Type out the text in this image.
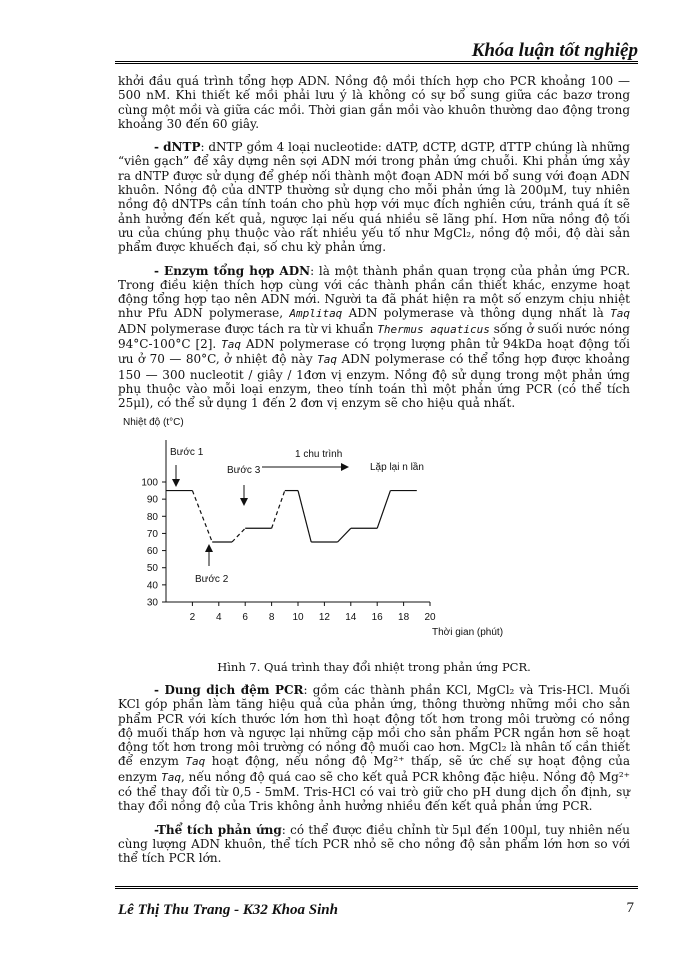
Khóa luận tốt nghiệp

khởi đầu quá trình tổng hợp ADN. Nồng độ mồi thích hợp cho PCR khoảng 100 — 500 nM. Khi thiết kế mồi phải lưu ý là không có sự bổ sung giữa các bazơ trong cùng một mồi và giữa các mồi. Thời gian gắn mồi vào khuôn thường dao động trong khoảng 30 đến 60 giây.

- dNTP: dNTP gồm 4 loại nucleotide: dATP, dCTP, dGTP, dTTP chúng là những “viên gạch” để xây dựng nên sợi ADN mới trong phản ứng chuỗi. Khi phản ứng xảy ra dNTP được sử dụng để ghép nối thành một đoạn ADN mới bổ sung với đoạn ADN khuôn. Nồng độ của dNTP thường sử dụng cho mỗi phản ứng là 200μM, tuy nhiên nồng độ dNTPs cần tính toán cho phù hợp với mục đích nghiên cứu, tránh quá ít sẽ ảnh hưởng đến kết quả, ngược lại nếu quá nhiều sẽ lãng phí. Hơn nữa nồng độ tối ưu của chúng phụ thuộc vào rất nhiều yếu tố như MgCl₂, nồng độ mồi, độ dài sản phẩm được khuếch đại, số chu kỳ phản ứng.

- Enzym tổng hợp ADN: là một thành phần quan trọng của phản ứng PCR. Trong điều kiện thích hợp cùng với các thành phần cần thiết khác, enzyme hoạt động tổng hợp tạo nên ADN mới. Người ta đã phát hiện ra một số enzym chịu nhiệt như Pfu ADN polymerase, Amplitaq ADN polymerase và thông dụng nhất là Taq ADN polymerase được tách ra từ vi khuẩn Thermus aquaticus sống ở suối nước nóng 94°C-100°C [2]. Taq ADN polymerase có trọng lượng phân tử 94kDa hoạt động tối ưu ở 70 — 80°C, ở nhiệt độ này Taq ADN polymerase có thể tổng hợp được khoảng 150 — 300 nucleotit / giây / 1đơn vị enzym. Nồng độ sử dụng trong một phản ứng phụ thuộc vào mỗi loại enzym, theo tính toán thì một phản ứng PCR (có thể tích 25μl), có thể sử dụng 1 đến 2 đơn vị enzym sẽ cho hiệu quả nhất.

Nhiệt độ (t°C)
30
40
50
60
70
80
90
100
2 4 6 8 10 12 14 16 18 20
Thời gian (phút)
Bước 1
Bước 3
Bước 2
1 chu trình
Lặp lại n lần
Hình 7. Quá trình thay đổi nhiệt trong phản ứng PCR.

- Dung dịch đệm PCR: gồm các thành phần KCl, MgCl₂ và Tris-HCl. Muối KCl góp phần làm tăng hiệu quả của phản ứng, thông thường những mồi cho sản phẩm PCR với kích thước lớn hơn thì hoạt động tốt hơn trong môi trường có nồng độ muối thấp hơn và ngược lại những cặp mồi cho sản phẩm PCR ngắn hơn sẽ hoạt động tốt hơn trong môi trường có nồng độ muối cao hơn. MgCl₂ là nhân tố cần thiết để enzym Taq hoạt động, nếu nồng độ Mg²⁺ thấp, sẽ ức chế sự hoạt động của enzym Taq, nếu nồng độ quá cao sẽ cho kết quả PCR không đặc hiệu. Nồng độ Mg²⁺ có thể thay đổi từ 0,5 - 5mM. Tris-HCl có vai trò giữ cho pH dung dịch ổn định, sự thay đổi nồng độ của Tris không ảnh hưởng nhiều đến kết quả phản ứng PCR.

-Thể tích phản ứng: có thể được điều chỉnh từ 5μl đến 100μl, tuy nhiên nếu cùng lượng ADN khuôn, thể tích PCR nhỏ sẽ cho nồng độ sản phẩm lớn hơn so với thể tích PCR lớn.

Lê Thị Thu Trang - K32 Khoa Sinh	7
